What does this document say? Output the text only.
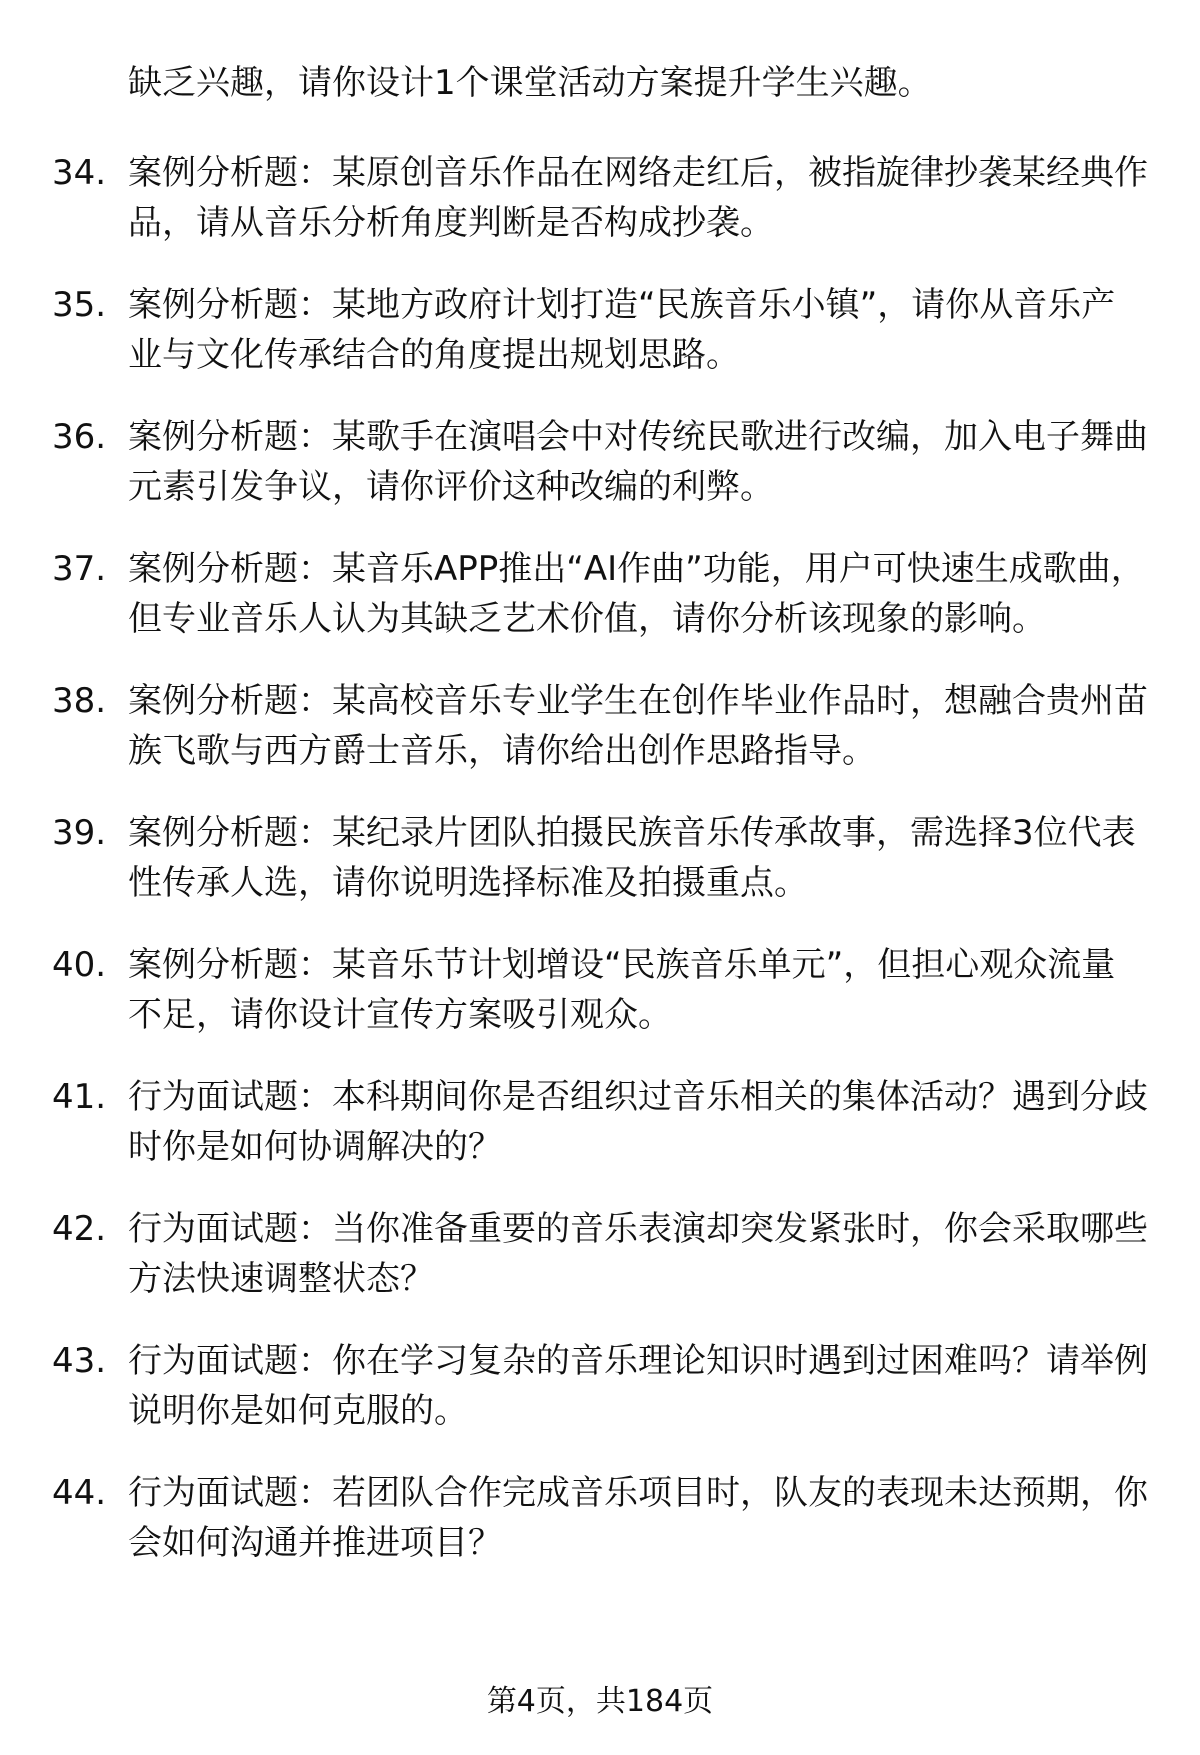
缺乏兴趣，请你设计1个课堂活动方案提升学生兴趣。
34. 案例分析题：某原创音乐作品在网络走红后，被指旋律抄袭某经典作品，请从音乐分析角度判断是否构成抄袭。
35. 案例分析题：某地方政府计划打造“民族音乐小镇”，请你从音乐产业与文化传承结合的角度提出规划思路。
36. 案例分析题：某歌手在演唱会中对传统民歌进行改编，加入电子舞曲元素引发争议，请你评价这种改编的利弊。
37. 案例分析题：某音乐APP推出“AI作曲”功能，用户可快速生成歌曲，但专业音乐人认为其缺乏艺术价值，请你分析该现象的影响。
38. 案例分析题：某高校音乐专业学生在创作毕业作品时，想融合贵州苗族飞歌与西方爵士音乐，请你给出创作思路指导。
39. 案例分析题：某纪录片团队拍摄民族音乐传承故事，需选择3位代表性传承人选，请你说明选择标准及拍摄重点。
40. 案例分析题：某音乐节计划增设“民族音乐单元”，但担心观众流量不足，请你设计宣传方案吸引观众。
41. 行为面试题：本科期间你是否组织过音乐相关的集体活动？遇到分歧时你是如何协调解决的？
42. 行为面试题：当你准备重要的音乐表演却突发紧张时，你会采取哪些方法快速调整状态？
43. 行为面试题：你在学习复杂的音乐理论知识时遇到过困难吗？请举例说明你是如何克服的。
44. 行为面试题：若团队合作完成音乐项目时，队友的表现未达预期，你会如何沟通并推进项目？
第4页，共184页
